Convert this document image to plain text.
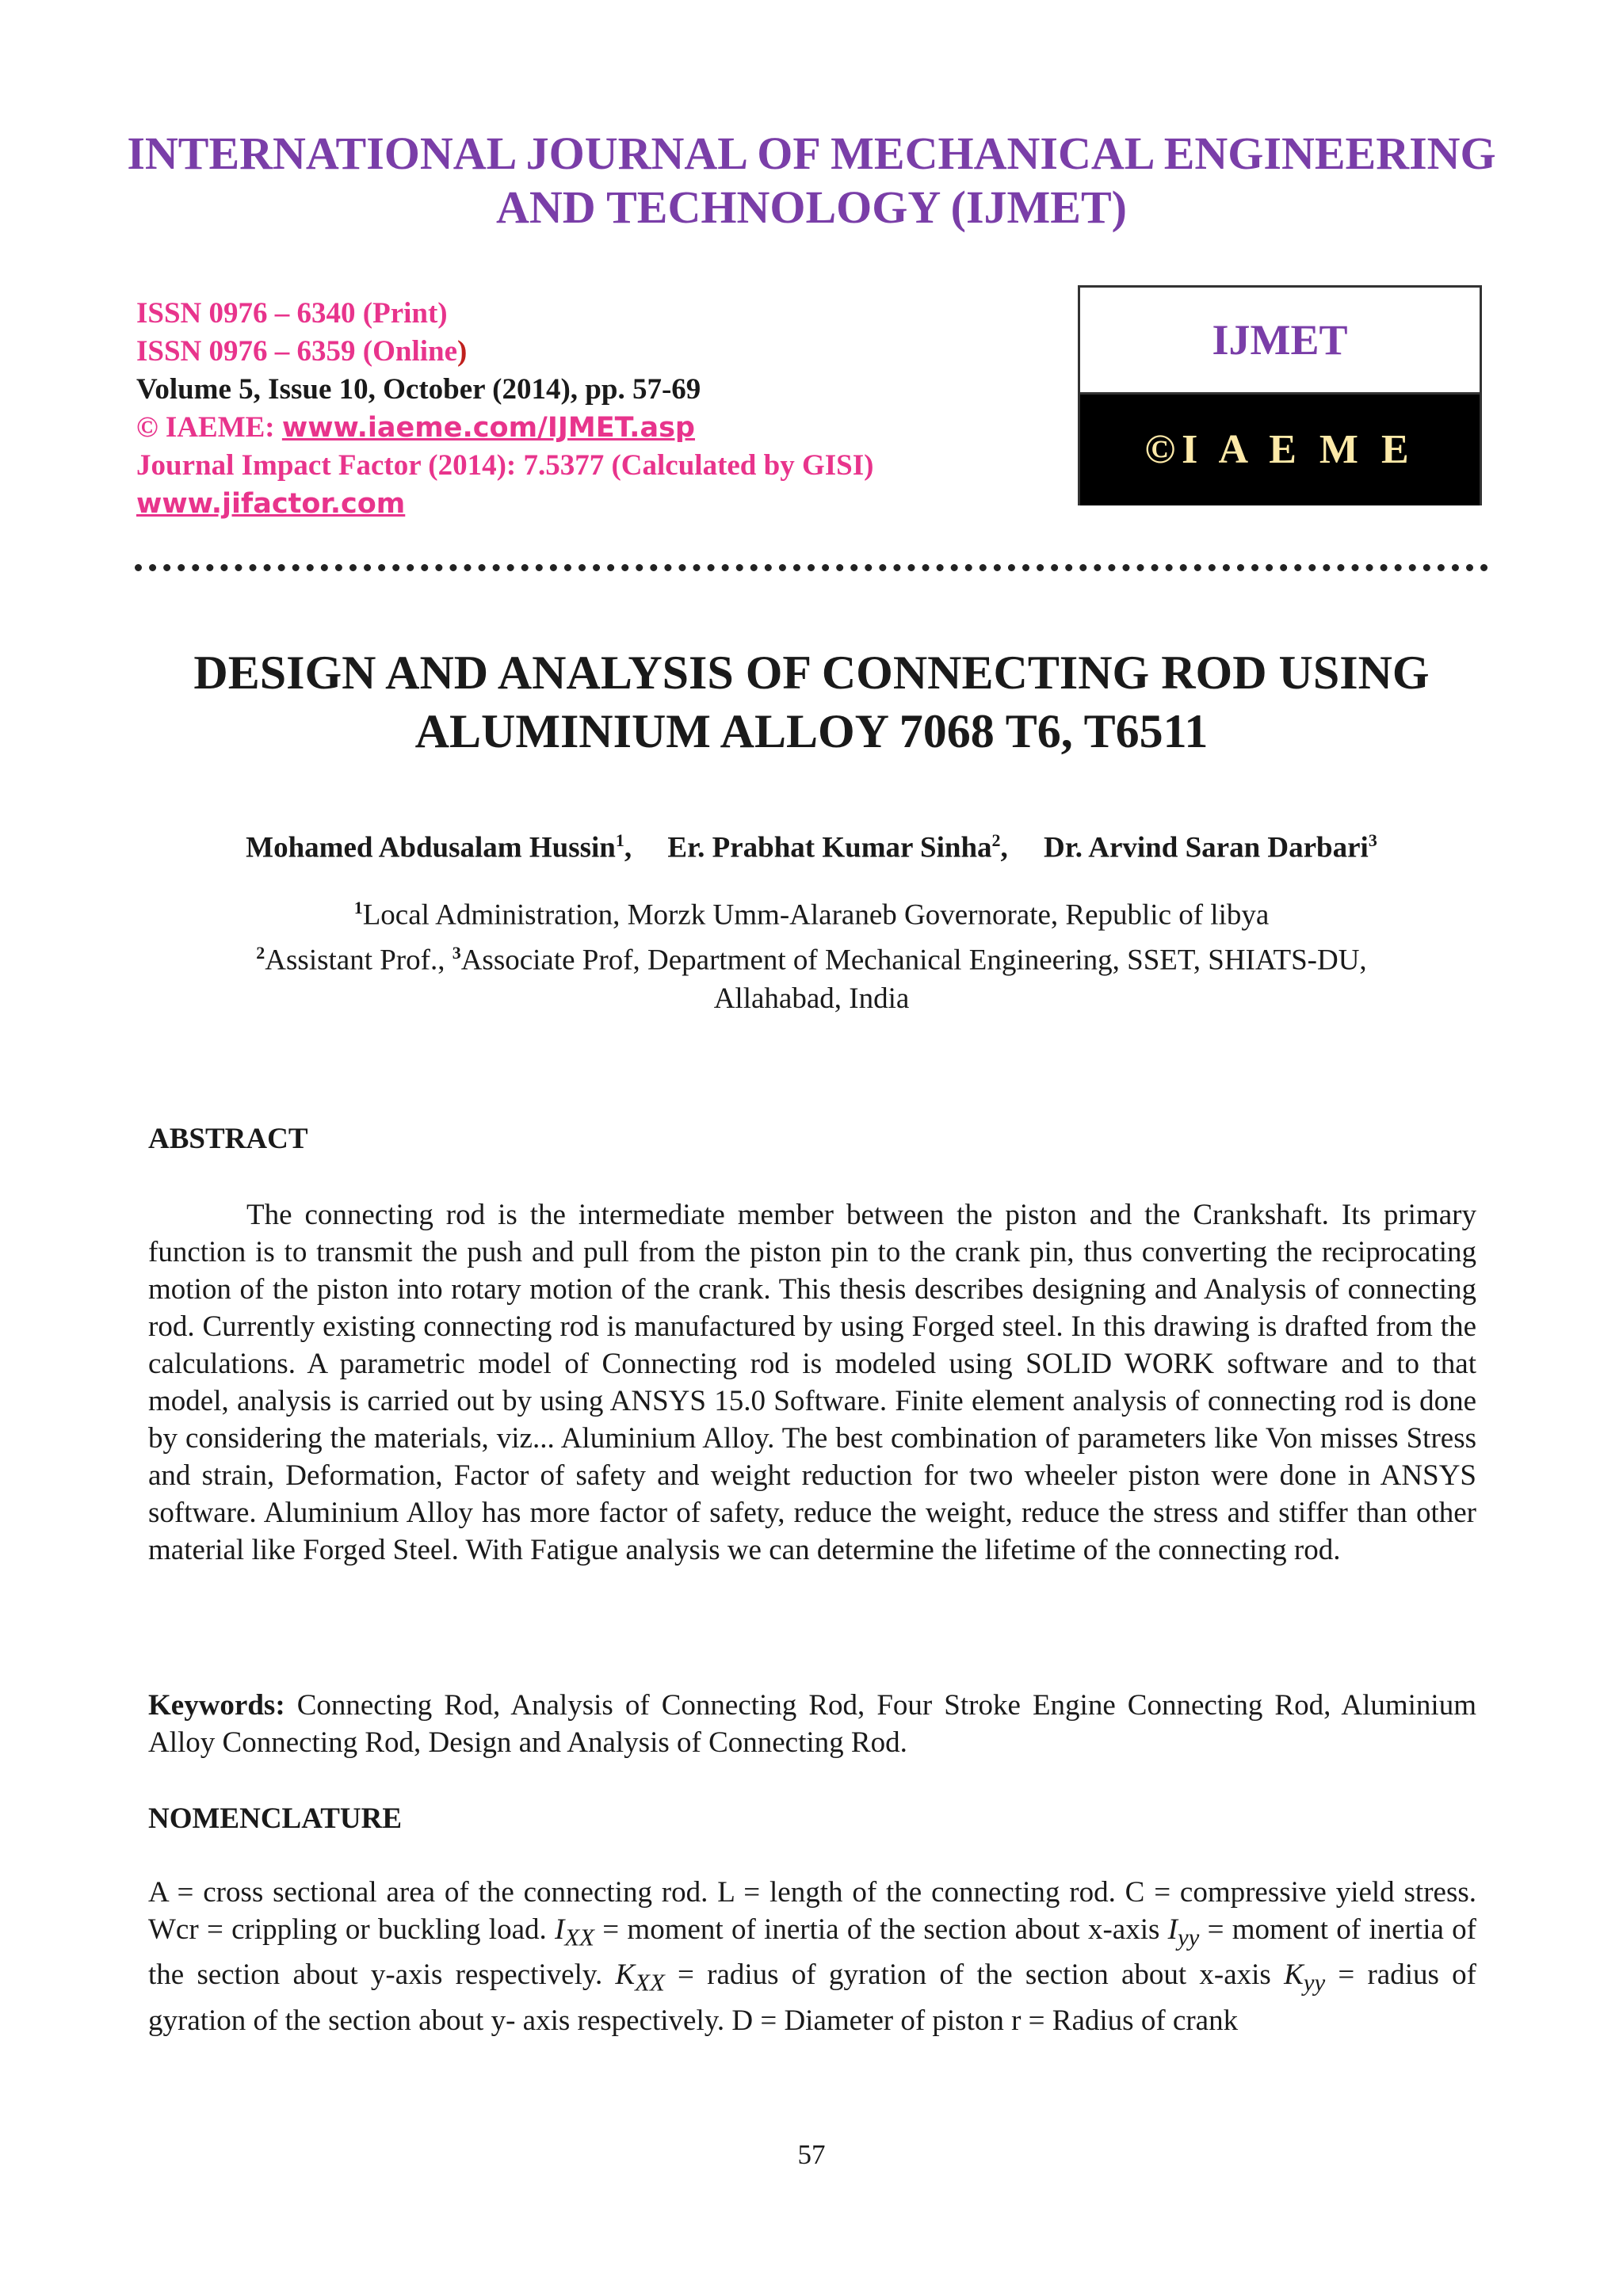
INTERNATIONAL JOURNAL OF MECHANICAL ENGINEERING
AND TECHNOLOGY (IJMET)
ISSN 0976 – 6340 (Print)
ISSN 0976 – 6359 (Online)
Volume 5, Issue 10, October (2014), pp. 57-69
© IAEME: www.iaeme.com/IJMET.asp
Journal Impact Factor (2014): 7.5377 (Calculated by GISI)
www.jifactor.com
IJMET
©I A E M E
DESIGN AND ANALYSIS OF CONNECTING ROD USING
ALUMINIUM ALLOY 7068 T6, T6511
Mohamed Abdusalam Hussin$^1$, Er. Prabhat Kumar Sinha$^2$, Dr. Arvind Saran Darbari$^3$
$^1$Local Administration, Morzk Umm-Alaraneb Governorate, Republic of libya
$^2$Assistant Prof., $^3$Associate Prof, Department of Mechanical Engineering, SSET, SHIATS-DU,
Allahabad, India
ABSTRACT
The connecting rod is the intermediate member between the piston and the Crankshaft. Its primary function is to transmit the push and pull from the piston pin to the crank pin, thus converting the reciprocating motion of the piston into rotary motion of the crank. This thesis describes designing and Analysis of connecting rod. Currently existing connecting rod is manufactured by using Forged steel. In this drawing is drafted from the calculations. A parametric model of Connecting rod is modeled using SOLID WORK software and to that model, analysis is carried out by using ANSYS 15.0 Software. Finite element analysis of connecting rod is done by considering the materials, viz... Aluminium Alloy. The best combination of parameters like Von misses Stress and strain, Deformation, Factor of safety and weight reduction for two wheeler piston were done in ANSYS software. Aluminium Alloy has more factor of safety, reduce the weight, reduce the stress and stiffer than other material like Forged Steel. With Fatigue analysis we can determine the lifetime of the connecting rod.
Keywords: Connecting Rod, Analysis of Connecting Rod, Four Stroke Engine Connecting Rod, Aluminium Alloy Connecting Rod, Design and Analysis of Connecting Rod.
NOMENCLATURE
A = cross sectional area of the connecting rod. L = length of the connecting rod. C = compressive yield stress. Wcr = crippling or buckling load. $I_{XX}$ = moment of inertia of the section about x-axis $I_{yy}$ = moment of inertia of the section about y-axis respectively. $K_{XX}$ = radius of gyration of the section about x-axis $K_{yy}$ = radius of gyration of the section about y- axis respectively. D = Diameter of piston r = Radius of crank
57
